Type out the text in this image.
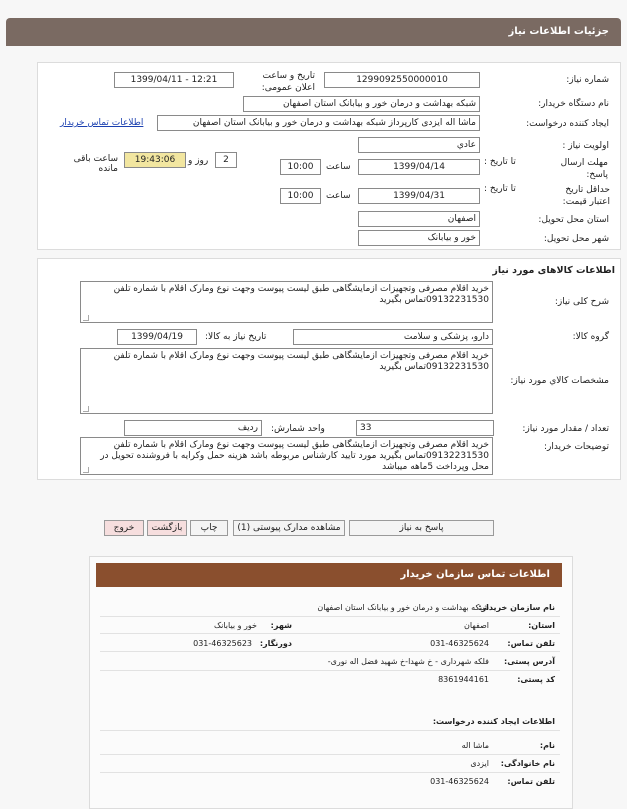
جزئیات اطلاعات نیاز
شماره نیاز:
1299092550000010
تاریخ و ساعت اعلان عمومی:
1399/04/11 - 12:21
نام دستگاه خریدار:
شبکه بهداشت و درمان خور و بیابانک استان اصفهان
ایجاد کننده درخواست:
ماشا اله ایزدی کارپرداز شبکه بهداشت و درمان خور و بیابانک استان اصفهان
اطلاعات تماس خریدار
اولویت نیاز :
عادي
مهلت ارسال پاسخ:
تا تاریخ :
1399/04/14
ساعت
10:00
2
روز و
19:43:06
ساعت باقی مانده
حداقل تاریخ اعتبار قیمت:
تا تاریخ :
1399/04/31
ساعت
10:00
استان محل تحویل:
اصفهان
شهر محل تحویل:
خور و بیابانک
اطلاعات کالاهای مورد نیاز
شرح کلی نیاز:
خرید اقلام مصرفی وتجهیزات ازمایشگاهی طبق لیست پیوست وجهت نوع ومارک اقلام با شماره تلفن 09132231530تماس بگیرید
گروه کالا:
دارو، پزشکی و سلامت
تاریخ نیاز به کالا:
1399/04/19
مشخصات کالاي مورد نیاز:
خرید اقلام مصرفی وتجهیزات ازمایشگاهی طبق لیست پیوست وجهت نوع ومارک اقلام با شماره تلفن 09132231530تماس بگیرید
تعداد / مقدار مورد نیاز:
33
واحد شمارش:
ردیف
توضیحات خریدار:
خرید اقلام مصرفی وتجهیزات ازمایشگاهی طبق لیست پیوست وجهت نوع ومارک اقلام با شماره تلفن 09132231530تماس بگیرید مورد تایید کارشناس مربوطه باشد هزینه حمل وکرایه با فروشنده تحویل در محل وپرداخت 5ماهه میباشد
پاسخ به نیاز
مشاهده مدارک پیوستی (1)
چاپ
بازگشت
خروج
اطلاعات تماس سازمان خریدار
نام سازمان خریدار:
شبکه بهداشت و درمان خور و بیابانک استان اصفهان
استان:
اصفهان
شهر:
خور و بیابانک
تلفن تماس:
031-46325624
دورنگار:
031-46325623
آدرس پستی:
فلکه شهرداری - خ شهدا-خ شهید فضل اله نوری-
کد پستی:
8361944161
اطلاعات ایجاد کننده درخواست:
نام:
ماشا اله
نام خانوادگی:
ایزدی
تلفن تماس:
031-46325624
